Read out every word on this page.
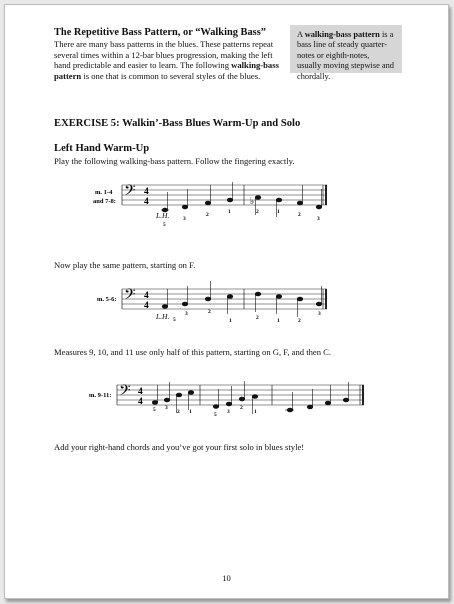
The Repetitive Bass Pattern, or “Walking Bass”
There are many bass patterns in the blues. These patterns repeat several times within a 12-bar blues progression, making the left hand predictable and easier to learn. The following walking-bass pattern is one that is common to several styles of the blues.
A walking-bass pattern is a bass line of steady quarter-notes or eighth-notes, usually moving stepwise and chordally.
EXERCISE 5: Walkin’-Bass Blues Warm-Up and Solo
Left Hand Warm-Up
Play the following walking-bass pattern. Follow the fingering exactly.
Now play the same pattern, starting on F.
Measures 9, 10, and 11 use only half of this pattern, starting on G, F, and then C.
Add your right-hand chords and you’ve got your first solo in blues style!
m. 1-4
and 7-8: 𝄢 4
4	♭
L.H.
5
3
2	1	2	1	2
3
m. 5-6: 𝄢 4
4
L.H. 5
3	2
1	2	1	2
3
m. 9-11: 𝄢 4
4
5 3
2 1	5 3
2
1
10
